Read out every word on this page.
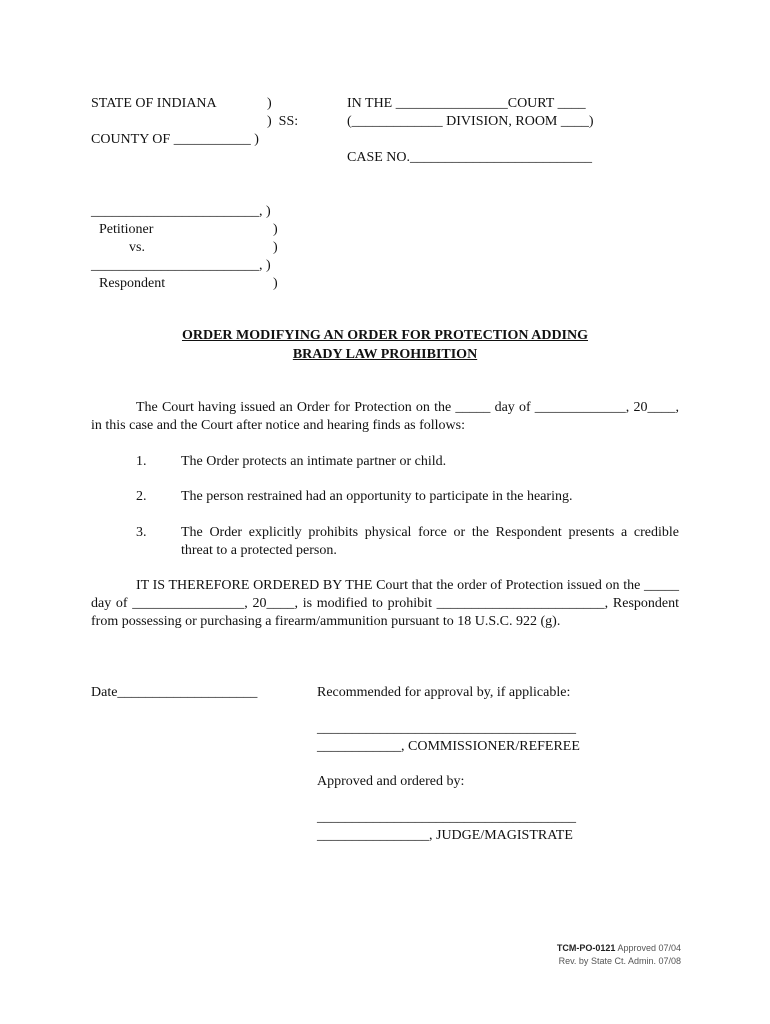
STATE OF INDIANA	)
)  SS:
COUNTY OF ___________ )
IN THE ________________COURT ____
(_____________ DIVISION, ROOM ____)
CASE NO.__________________________
________________________, )
Petitioner	)
vs.	)
________________________, )
Respondent	)
ORDER MODIFYING AN ORDER FOR PROTECTION ADDING
BRADY LAW PROHIBITION
The Court having issued an Order for Protection on the _____ day of _____________, 20____, in this case and the Court after notice and hearing finds as follows:
1. The Order protects an intimate partner or child.
2. The person restrained had an opportunity to participate in the hearing.
3. The Order explicitly prohibits physical force or the Respondent presents a credible threat to a protected person.
IT IS THEREFORE ORDERED BY THE Court that the order of Protection issued on the _____ day of ________________, 20____, is modified to prohibit ________________________, Respondent from possessing or purchasing a firearm/ammunition pursuant to 18 U.S.C. 922 (g).
Date____________________	Recommended for approval by, if applicable:
_____________________________________
____________, COMMISSIONER/REFEREE
Approved and ordered by:
_____________________________________
________________, JUDGE/MAGISTRATE
TCM-PO-0121 Approved 07/04
Rev. by State Ct. Admin. 07/08
